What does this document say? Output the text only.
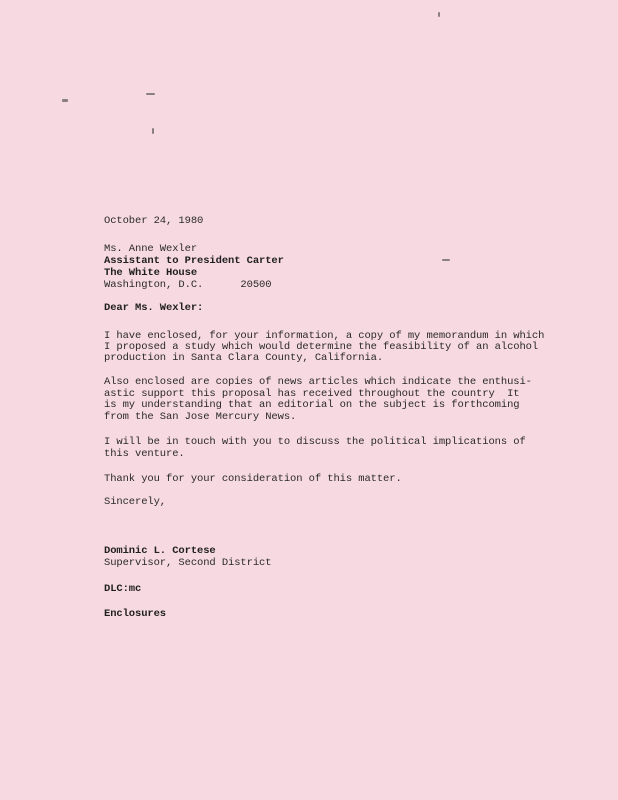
October 24, 1980
Ms. Anne Wexler
Assistant to President Carter
The White House
Washington, D.C.      20500
Dear Ms. Wexler:
I have enclosed, for your information, a copy of my memorandum in which
I proposed a study which would determine the feasibility of an alcohol
production in Santa Clara County, California.
Also enclosed are copies of news articles which indicate the enthusi-
astic support this proposal has received throughout the country  It
is my understanding that an editorial on the subject is forthcoming
from the San Jose Mercury News.
I will be in touch with you to discuss the political implications of
this venture.
Thank you for your consideration of this matter.
Sincerely,
Dominic L. Cortese
Supervisor, Second District
DLC:mc
Enclosures
